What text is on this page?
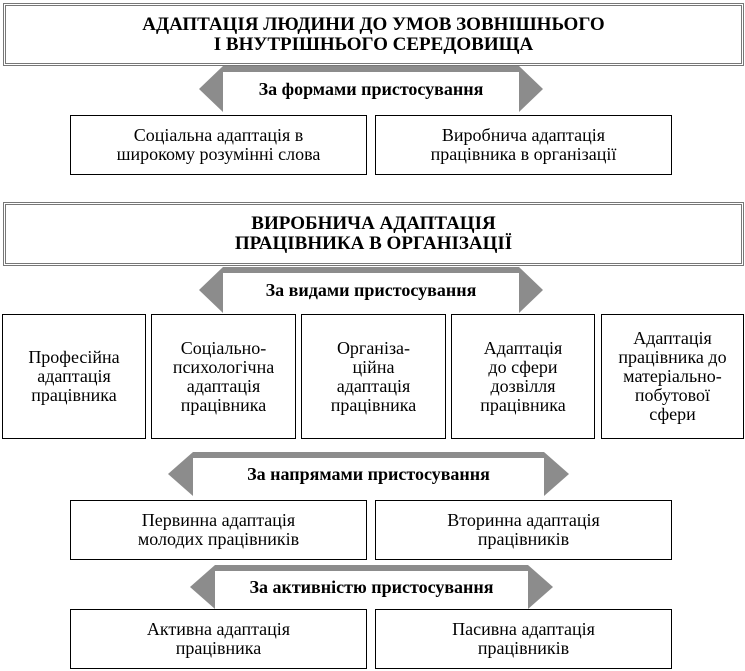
АДАПТАЦІЯ ЛЮДИНИ ДО УМОВ ЗОВНІШНЬОГО
І ВНУТРІШНЬОГО СЕРЕДОВИЩА
За формами пристосування
Соціальна адаптація в
широкому розумінні слова
Виробнича адаптація
працівника в організації
ВИРОБНИЧА АДАПТАЦІЯ
ПРАЦІВНИКА В ОРГАНІЗАЦІЇ
За видами пристосування
Професійна
адаптація
працівника
Соціально-
психологічна
адаптація
працівника
Організа-
ційна
адаптація
працівника
Адаптація
до сфери
дозвілля
працівника
Адаптація
працівника до
матеріально-
побутової
сфери
За напрямами пристосування
Первинна адаптація
молодих працівників
Вторинна адаптація
працівників
За активністю пристосування
Активна адаптація
працівника
Пасивна адаптація
працівників
